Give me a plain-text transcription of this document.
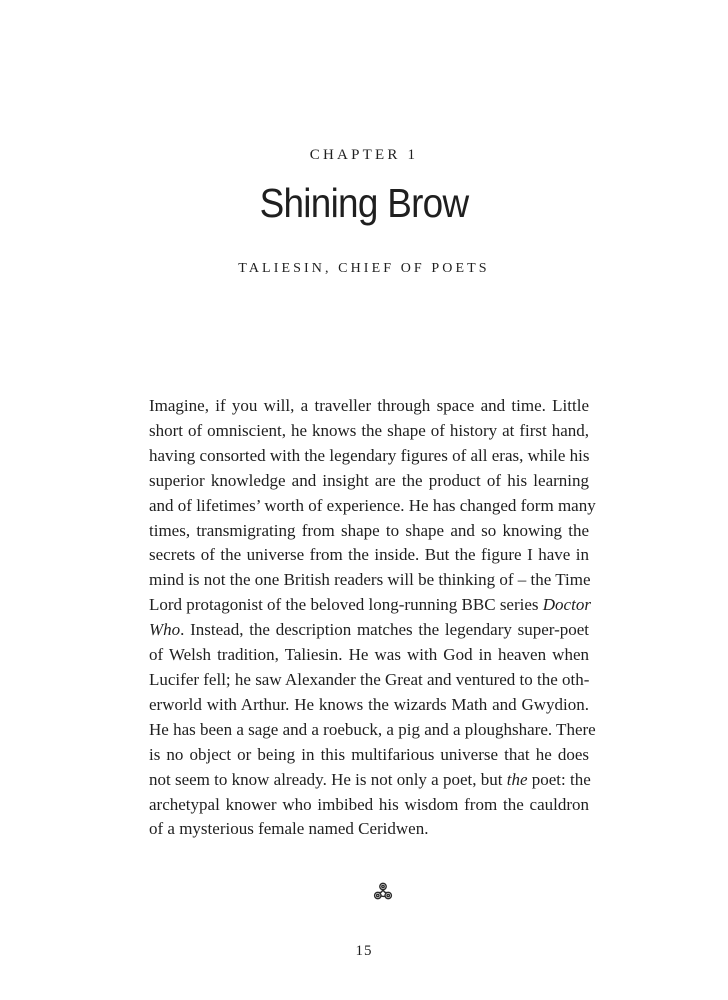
CHAPTER 1
Shining Brow
TALIESIN, CHIEF OF POETS
Imagine, if you will, a traveller through space and time. Little
short of omniscient, he knows the shape of history at first hand,
having consorted with the legendary figures of all eras, while his
superior knowledge and insight are the product of his learning
and of lifetimes’ worth of experience. He has changed form many
times, transmigrating from shape to shape and so knowing the
secrets of the universe from the inside. But the figure I have in
mind is not the one British readers will be thinking of – the Time
Lord protagonist of the beloved long-running BBC series Doctor
Who. Instead, the description matches the legendary super-poet
of Welsh tradition, Taliesin. He was with God in heaven when
Lucifer fell; he saw Alexander the Great and ventured to the oth-
erworld with Arthur. He knows the wizards Math and Gwydion.
He has been a sage and a roebuck, a pig and a ploughshare. There
is no object or being in this multifarious universe that he does
not seem to know already. He is not only a poet, but the poet: the
archetypal knower who imbibed his wisdom from the cauldron
of a mysterious female named Ceridwen.
15
